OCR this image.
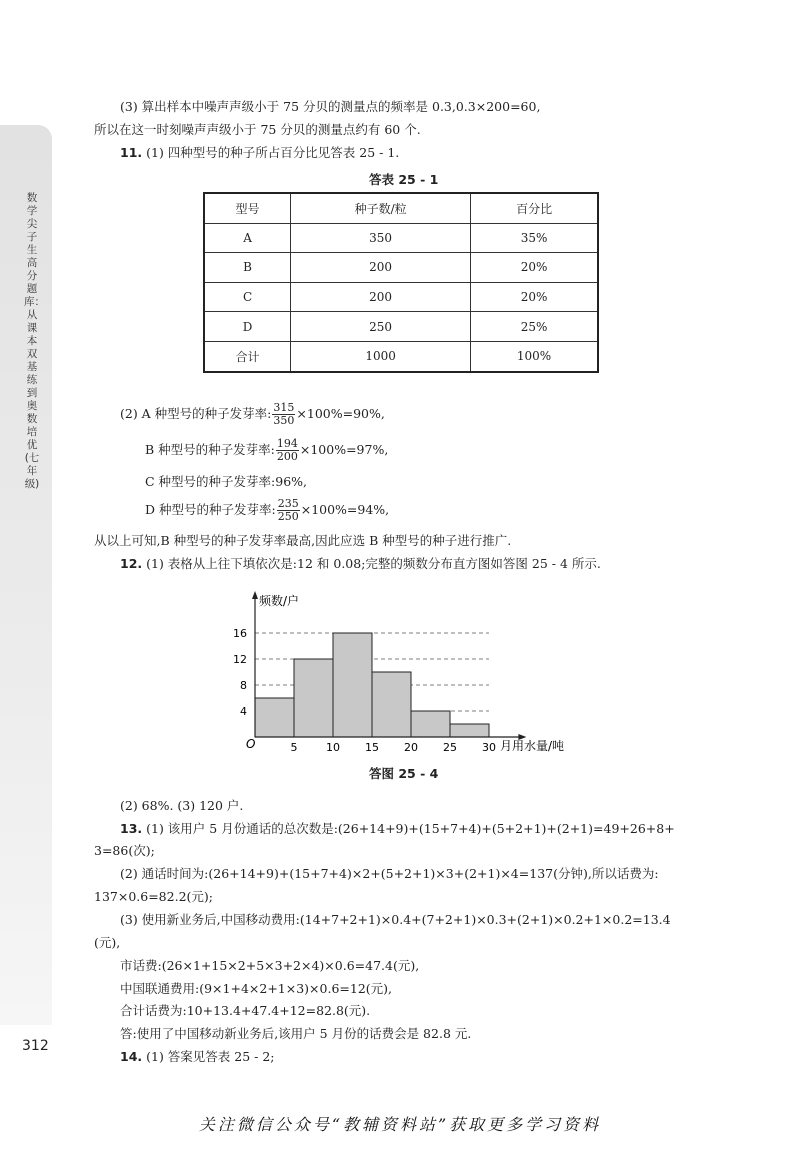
数学尖子生高分题库：从课本双基练到奥数培优(七年级)
312
(3) 算出样本中噪声声级小于 75 分贝的测量点的频率是 0.3,0.3×200=60,
所以在这一时刻噪声声级小于 75 分贝的测量点约有 60 个.
11. (1) 四种型号的种子所占百分比见答表 25 - 1.
答表 25 - 1
型号	种子数/粒	百分比
A	350	35%
B	200	20%
C	200	20%
D	250	25%
合计	1000	100%
(2) A 种型号的种子发芽率: $\frac{315}{350} \times 100\%=90\%$,
B 种型号的种子发芽率: $\frac{194}{200} \times 100\%=97\%$,
C 种型号的种子发芽率:96%,
D 种型号的种子发芽率: $\frac{235}{250} \times 100\%=94\%$,
从以上可知,B 种型号的种子发芽率最高,因此应选 B 种型号的种子进行推广.
12. (1) 表格从上往下填依次是:12 和 0.08;完整的频数分布直方图如答图 25 - 4 所示.
4
8
12
16
5	10 15 20 25 30
频数/户
月用水量/吨
O
答图 25 - 4
(2) 68%. (3) 120 户.
13. (1) 该用户 5 月份通话的总次数是:(26+14+9)+(15+7+4)+(5+2+1)+(2+1)=49+26+8+
3=86(次);
(2) 通话时间为:(26+14+9)+(15+7+4)×2+(5+2+1)×3+(2+1)×4=137(分钟),所以话费为:
137×0.6=82.2(元);
(3) 使用新业务后,中国移动费用:(14+7+2+1)×0.4+(7+2+1)×0.3+(2+1)×0.2+1×0.2=13.4
(元),
市话费:(26×1+15×2+5×3+2×4)×0.6=47.4(元),
中国联通费用:(9×1+4×2+1×3)×0.6=12(元),
合计话费为:10+13.4+47.4+12=82.8(元).
答:使用了中国移动新业务后,该用户 5 月份的话费会是 82.8 元.
14. (1) 答案见答表 25 - 2;
关注微信公众号“教辅资料站”获取更多学习资料
